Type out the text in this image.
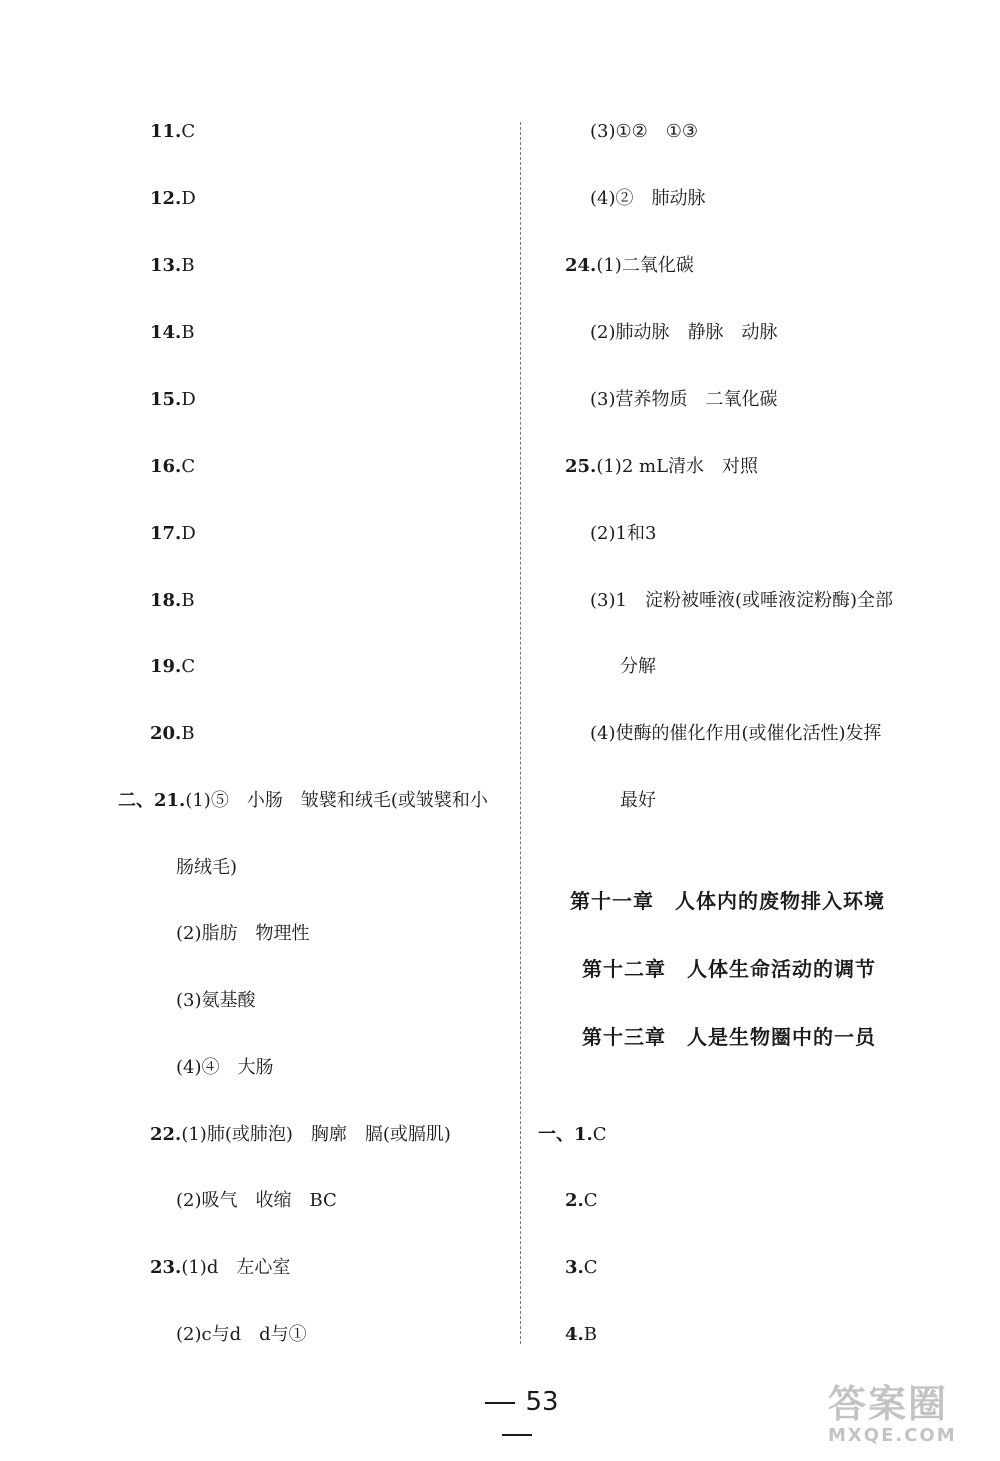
11.C
12.D
13.B
14.B
15.D
16.C
17.D
18.B
19.C
20.B
二、21.(1)⑤　小肠　皱襞和绒毛(或皱襞和小
肠绒毛)
(2)脂肪　物理性
(3)氨基酸
(4)④　大肠
22.(1)肺(或肺泡)　胸廓　膈(或膈肌)
(2)吸气　收缩　BC
23.(1)d　左心室
(2)c与d　d与①
(3)①②　①③
(4)②　肺动脉
24.(1)二氧化碳
(2)肺动脉　静脉　动脉
(3)营养物质　二氧化碳
25.(1)2 mL清水　对照
(2)1和3
(3)1　淀粉被唾液(或唾液淀粉酶)全部
分解
(4)使酶的催化作用(或催化活性)发挥
最好
第十一章　人体内的废物排入环境
第十二章　人体生命活动的调节
第十三章　人是生物圈中的一员
一、1.C
2.C
3.C
4.B
53	答案圈
MXQE.COM
